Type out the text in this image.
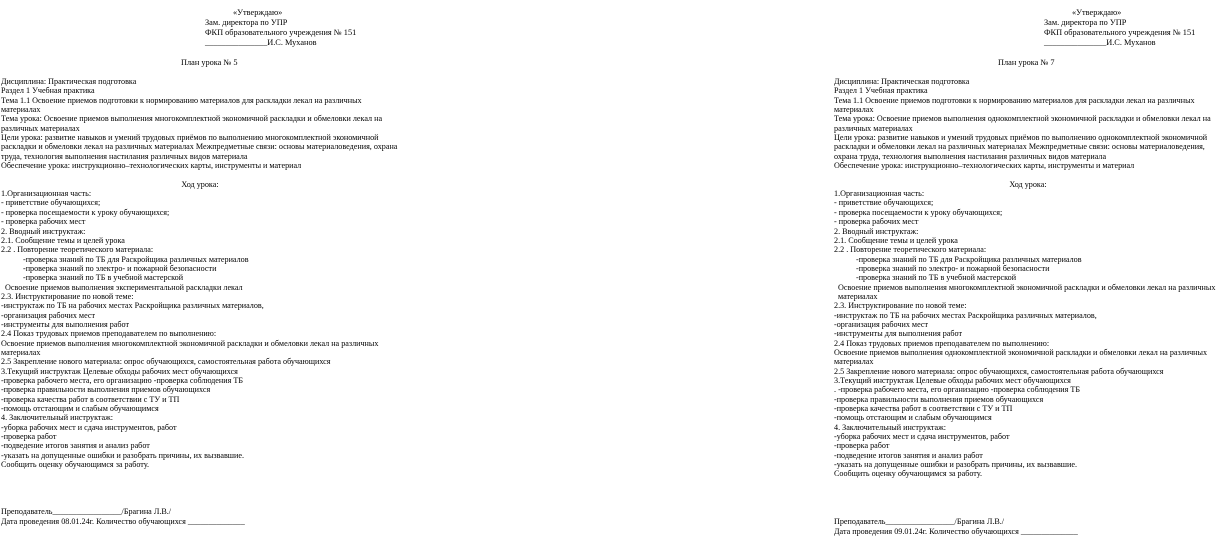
«Утверждаю»
Зам. директора по УПР
ФКП образовательного учреждения № 151
_______________И.С. Муханов
План урока № 5
Дисциплина: Практическая подготовка
Раздел 1 Учебная практика
Тема 1.1 Освоение приемов подготовки к нормированию материалов для раскладки лекал на различных материалах
Тема урока: Освоение приемов выполнения многокомплектной экономичной раскладки и обмеловки лекал на различных материалах
Цели урока: развитие навыков и умений трудовых приёмов по выполнению многокомплектной экономичной раскладки и обмеловки лекал на различных материалах Межпредметные связи: основы материаловедения, охрана труда, технология выполнения настилания различных видов материала
Обеспечение урока: инструкционно–технологических карты, инструменты и материал
Ход урока:
1.Организационная часть:
- приветствие обучающихся;
- проверка посещаемости к уроку обучающихся;
- проверка рабочих мест
2. Вводный инструктаж:
2.1. Сообщение темы и целей урока
2.2 . Повторение теоретического материала:
-проверка знаний по ТБ для Раскройщика различных материалов
-проверка знаний по электро- и пожарной безопасности
-проверка знаний по ТБ в учебной мастерской
Освоение приемов выполнения экспериментальной раскладки лекал
2.3. Инструктирование по новой теме:
-инструктаж по ТБ на рабочих местах Раскройщика различных материалов,
-организация рабочих мест
-инструменты для выполнения работ
2.4 Показ трудовых приемов преподавателем по выполнению:
Освоение приемов выполнения многокомплектной экономичной раскладки и обмеловки лекал на различных материалах
2.5 Закрепление нового материала: опрос обучающихся, самостоятельная работа обучающихся
3.Текущий инструктаж Целевые обходы рабочих мест обучающихся
-проверка рабочего места, его организацию -проверка соблюдения ТБ
-проверка правильности выполнения приемов обучающихся
-проверка качества работ в соответствии с ТУ и ТП
-помощь отстающим и слабым обучающимся
4. Заключительный инструктаж:
-уборка рабочих мест и сдача инструментов, работ
-проверка работ
-подведение итогов занятия и анализ работ
-указать на допущенные ошибки и разобрать причины, их вызвавшие.
Сообщить оценку обучающимся за работу.
Преподаватель_________________/Брагина Л.В./
Дата проведения 08.01.24г. Количество обучающихся ______________
«Утверждаю»
Зам. директора по УПР
ФКП образовательного учреждения № 151
_______________И.С. Муханов
План урока № 7
Дисциплина: Практическая подготовка
Раздел 1 Учебная практика
Тема 1.1 Освоение приемов подготовки к нормированию материалов для раскладки лекал на различных материалах
Тема урока: Освоение приемов выполнения однокомплектной экономичной раскладки и обмеловки лекал на различных материалах
Цели урока: развитие навыков и умений трудовых приёмов по выполнению однокомплектной экономичной раскладки и обмеловки лекал на различных материалах Межпредметные связи: основы материаловедения, охрана труда, технология выполнения настилания различных видов материала
Обеспечение урока: инструкционно–технологических карты, инструменты и материал
Ход урока:
1.Организационная часть:
- приветствие обучающихся;
- проверка посещаемости к уроку обучающихся;
- проверка рабочих мест
2. Вводный инструктаж:
2.1. Сообщение темы и целей урока
2.2 . Повторение теоретического материала:
-проверка знаний по ТБ для Раскройщика различных материалов
-проверка знаний по электро- и пожарной безопасности
-проверка знаний по ТБ в учебной мастерской
Освоение приемов выполнения многокомплектной экономичной раскладки и обмеловки лекал на различных материалах
2.3. Инструктирование по новой теме:
-инструктаж по ТБ на рабочих местах Раскройщика различных материалов,
-организация рабочих мест
-инструменты для выполнения работ
2.4 Показ трудовых приемов преподавателем по выполнению:
Освоение приемов выполнения однокомплектной экономичной раскладки и обмеловки лекал на различных материалах
2.5 Закрепление нового материала: опрос обучающихся, самостоятельная работа обучающихся
3.Текущий инструктаж Целевые обходы рабочих мест обучающихся
. -проверка рабочего места, его организацию -проверка соблюдения ТБ
-проверка правильности выполнения приемов обучающихся
-проверка качества работ в соответствии с ТУ и ТП
-помощь отстающим и слабым обучающимся
4. Заключительный инструктаж:
-уборка рабочих мест и сдача инструментов, работ
-проверка работ
-подведение итогов занятия и анализ работ
-указать на допущенные ошибки и разобрать причины, их вызвавшие.
Сообщить оценку обучающимся за работу.
Преподаватель_________________/Брагина Л.В./
Дата проведения 09.01.24г. Количество обучающихся ______________
